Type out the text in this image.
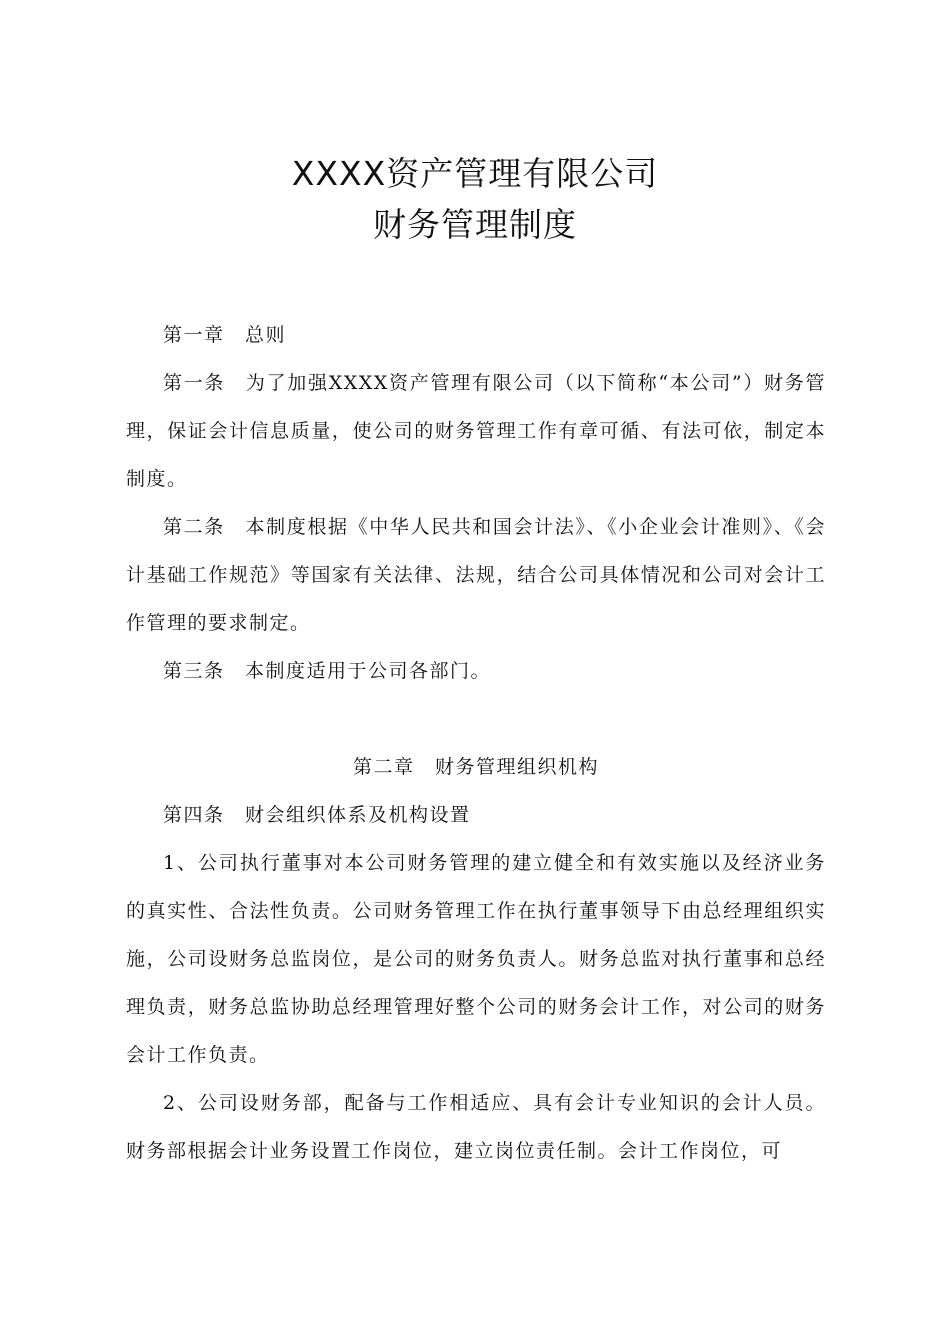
XXXX资产管理有限公司
财务管理制度

第一章　总则

第一条　为了加强XXXX资产管理有限公司（以下简称“本公司”）财务管理，保证会计信息质量，使公司的财务管理工作有章可循、有法可依，制定本制度。

第二条　本制度根据《中华人民共和国会计法》、《小企业会计准则》、《会计基础工作规范》等国家有关法律、法规，结合公司具体情况和公司对会计工作管理的要求制定。

第三条　本制度适用于公司各部门。

第二章　财务管理组织机构

第四条　财会组织体系及机构设置

1、公司执行董事对本公司财务管理的建立健全和有效实施以及经济业务的真实性、合法性负责。公司财务管理工作在执行董事领导下由总经理组织实施，公司设财务总监岗位，是公司的财务负责人。财务总监对执行董事和总经理负责，财务总监协助总经理管理好整个公司的财务会计工作，对公司的财务会计工作负责。

2、公司设财务部，配备与工作相适应、具有会计专业知识的会计人员。财务部根据会计业务设置工作岗位，建立岗位责任制。会计工作岗位，可
